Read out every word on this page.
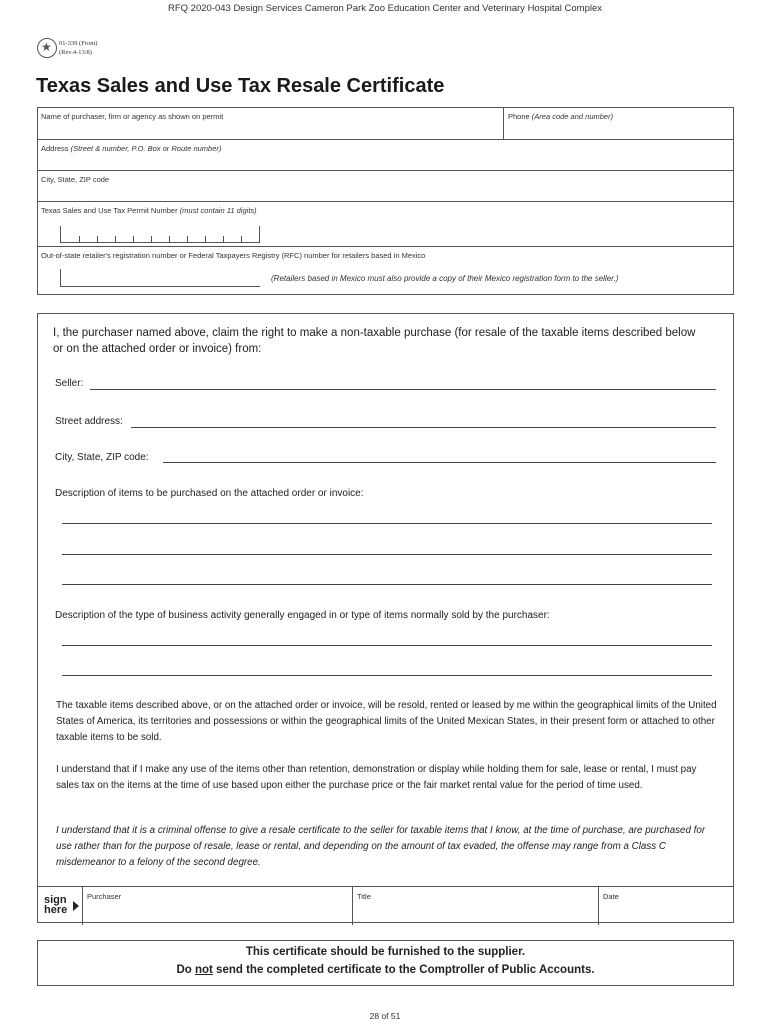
RFQ 2020-043 Design Services Cameron Park Zoo Education Center and Veterinary Hospital Complex
★
01-339 (Front)
(Rev.4-13/8)
Texas Sales and Use Tax Resale Certificate
Name of purchaser, firm or agency as shown on permit	Phone (Area code and number)
Address (Street & number, P.O. Box or Route number)
City, State, ZIP code
Texas Sales and Use Tax Permit Number (must contain 11 digits)
Out-of-state retailer's registration number or Federal Taxpayers Registry (RFC) number for retailers based in Mexico
(Retailers based in Mexico must also provide a copy of their Mexico registration form to the seller.)
I, the purchaser named above, claim the right to make a non-taxable purchase (for resale of the taxable items described below or on the attached order or invoice) from:
Seller:
Street address:
City, State, ZIP code:
Description of items to be purchased on the attached order or invoice:
Description of the type of business activity generally engaged in or type of items normally sold by the purchaser:
The taxable items described above, or on the attached order or invoice, will be resold, rented or leased by me within the geographical limits of the United States of America, its territories and possessions or within the geographical limits of the United Mexican States, in their present form or attached to other taxable items to be sold.
I understand that if I make any use of the items other than retention, demonstration or display while holding them for sale, lease or rental, I must pay sales tax on the items at the time of use based upon either the purchase price or the fair market rental value for the period of time used.
I understand that it is a criminal offense to give a resale certificate to the seller for taxable items that I know, at the time of purchase, are purchased for use rather than for the purpose of resale, lease or rental, and depending on the amount of tax evaded, the offense may range from a Class C misdemeanor to a felony of the second degree.
sign
here
Purchaser	Title	Date
This certificate should be furnished to the supplier.
Do not send the completed certificate to the Comptroller of Public Accounts.
28 of 51
